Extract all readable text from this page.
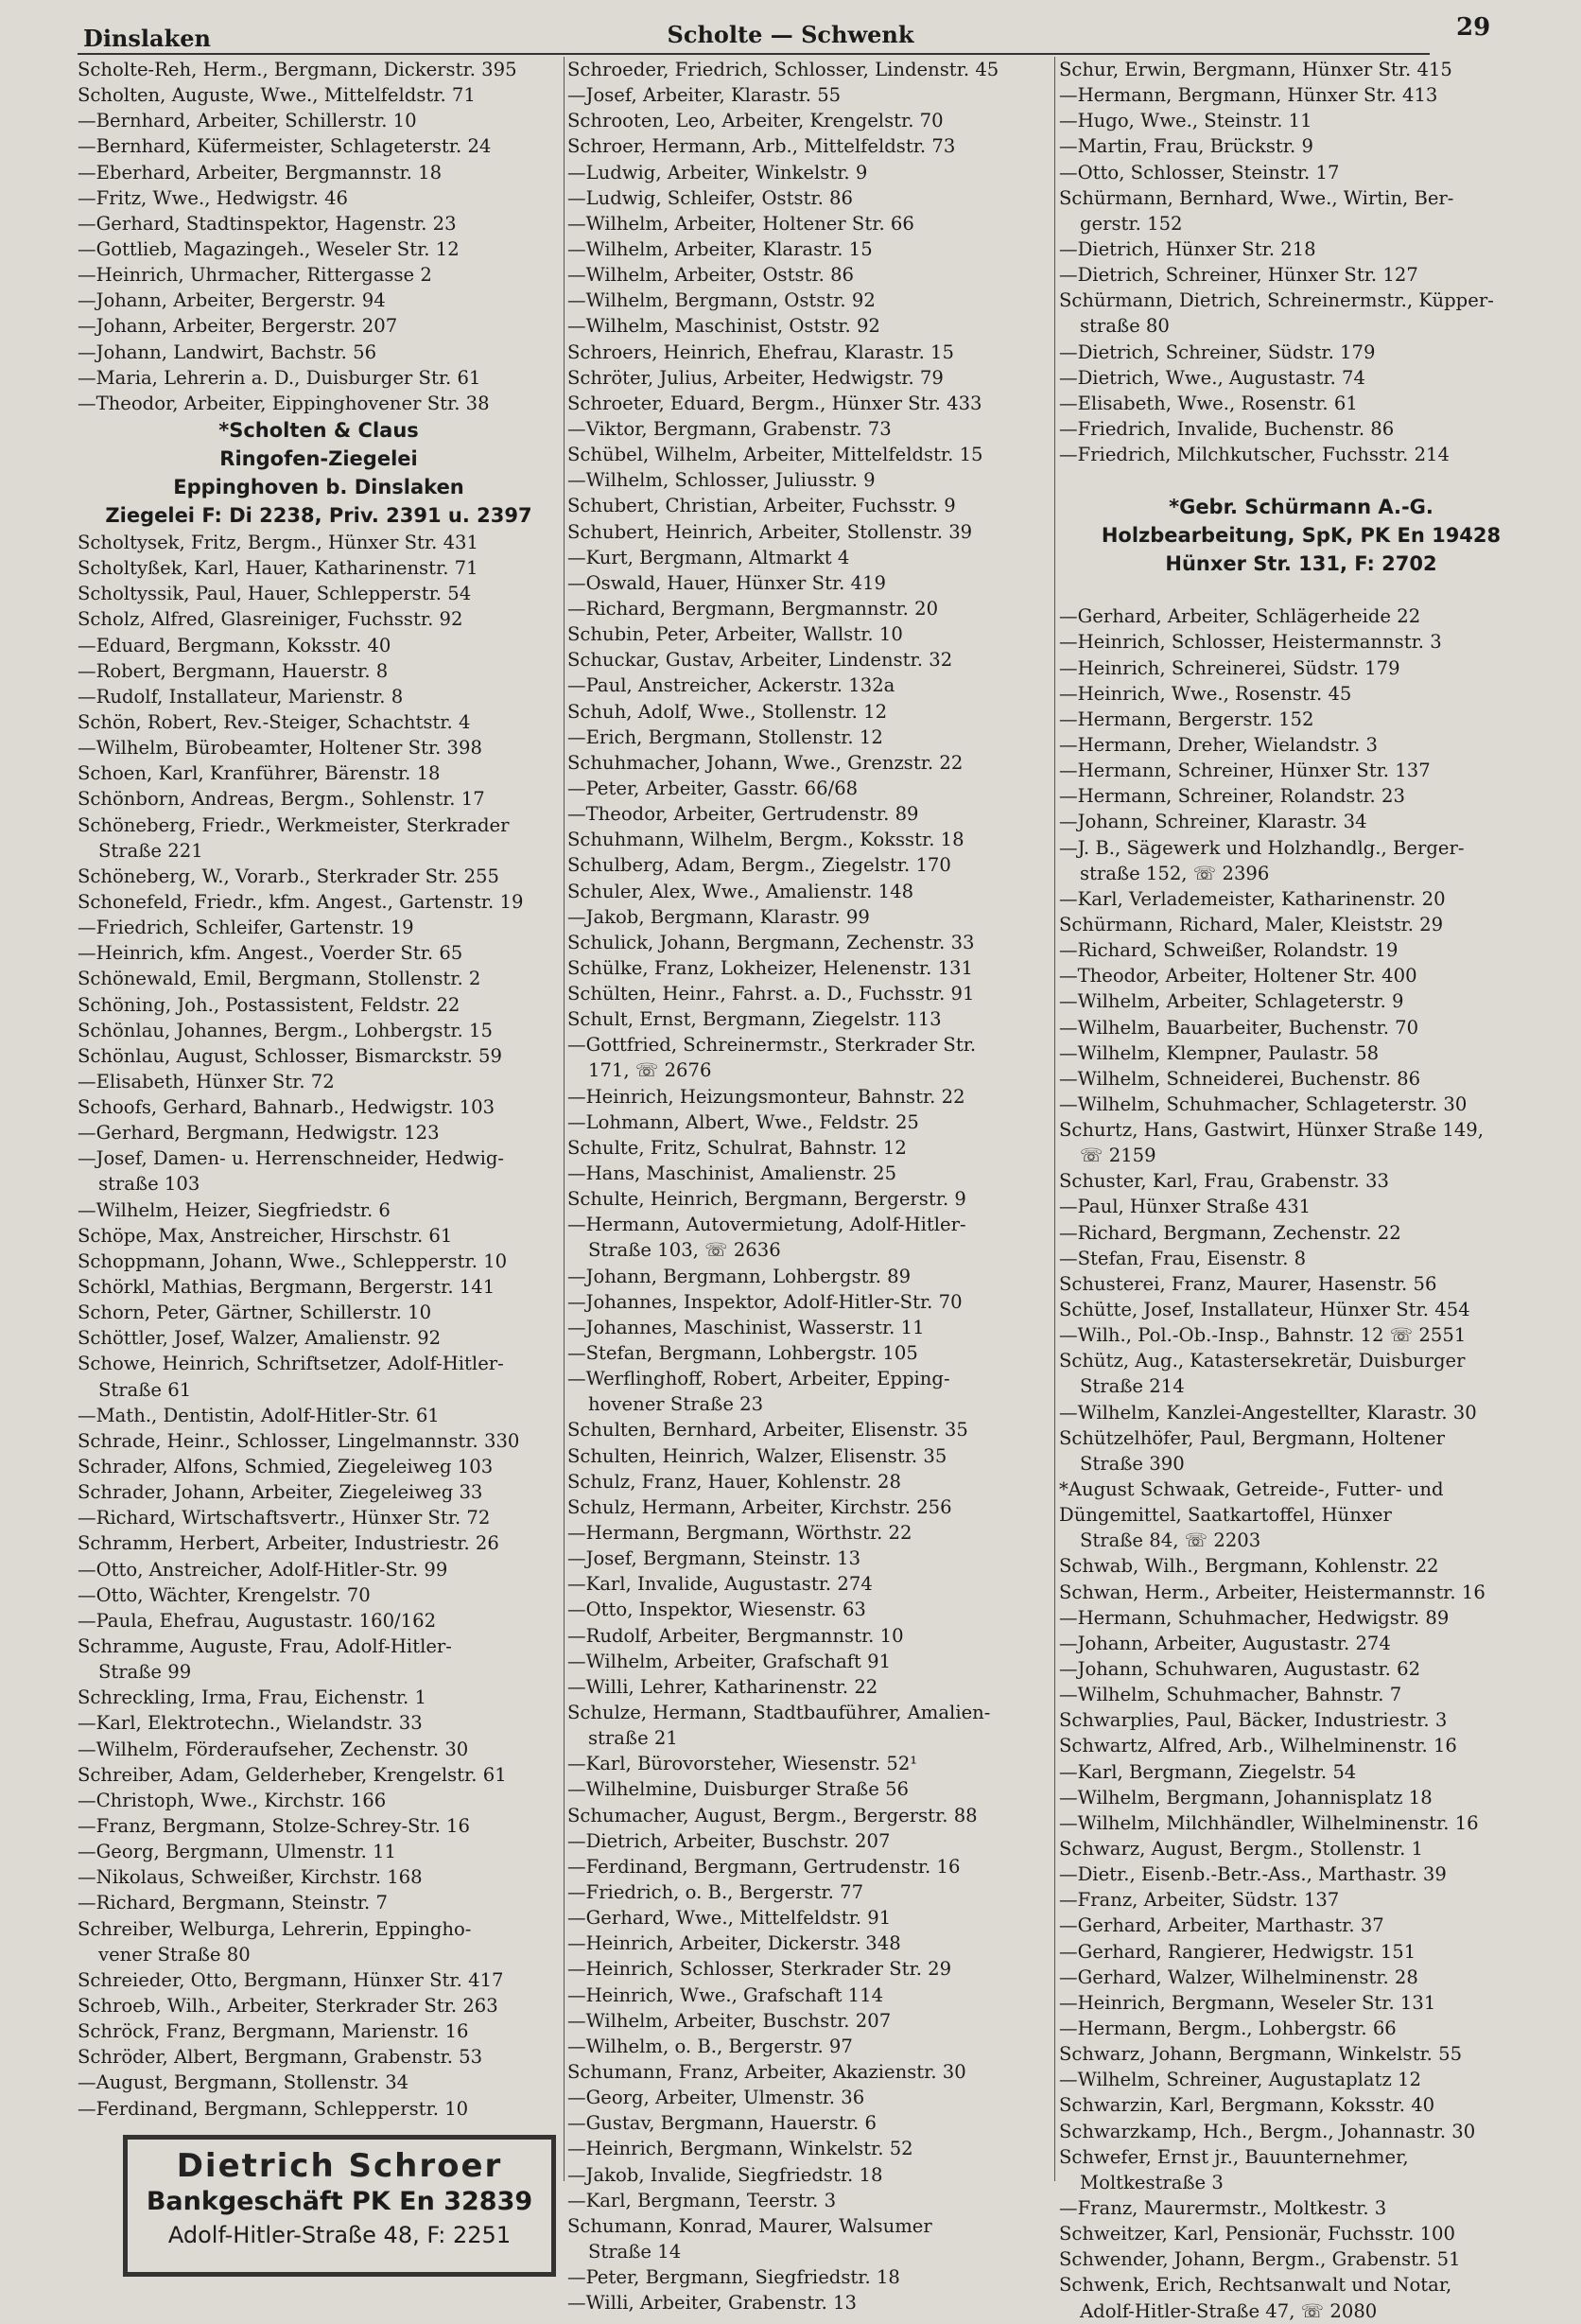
Dinslaken	Scholte — Schwenk	29
Scholte-Reh, Herm., Bergmann, Dickerstr. 395
Scholten, Auguste, Wwe., Mittelfeldstr. 71
—Bernhard, Arbeiter, Schillerstr. 10
—Bernhard, Küfermeister, Schlageterstr. 24
—Eberhard, Arbeiter, Bergmannstr. 18
—Fritz, Wwe., Hedwigstr. 46
—Gerhard, Stadtinspektor, Hagenstr. 23
—Gottlieb, Magazingeh., Weseler Str. 12
—Heinrich, Uhrmacher, Rittergasse 2
—Johann, Arbeiter, Bergerstr. 94
—Johann, Arbeiter, Bergerstr. 207
—Johann, Landwirt, Bachstr. 56
—Maria, Lehrerin a. D., Duisburger Str. 61
—Theodor, Arbeiter, Eippinghovener Str. 38
*Scholten & Claus
Ringofen-Ziegelei
Eppinghoven b. Dinslaken
Ziegelei F: Di 2238, Priv. 2391 u. 2397
Scholtysek, Fritz, Bergm., Hünxer Str. 431
Scholtyßek, Karl, Hauer, Katharinenstr. 71
Scholtyssik, Paul, Hauer, Schlepperstr. 54
Scholz, Alfred, Glasreiniger, Fuchsstr. 92
—Eduard, Bergmann, Koksstr. 40
—Robert, Bergmann, Hauerstr. 8
—Rudolf, Installateur, Marienstr. 8
Schön, Robert, Rev.-Steiger, Schachtstr. 4
—Wilhelm, Bürobeamter, Holtener Str. 398
Schoen, Karl, Kranführer, Bärenstr. 18
Schönborn, Andreas, Bergm., Sohlenstr. 17
Schöneberg, Friedr., Werkmeister, Sterkrader
Straße 221
Schöneberg, W., Vorarb., Sterkrader Str. 255
Schonefeld, Friedr., kfm. Angest., Gartenstr. 19
—Friedrich, Schleifer, Gartenstr. 19
—Heinrich, kfm. Angest., Voerder Str. 65
Schönewald, Emil, Bergmann, Stollenstr. 2
Schöning, Joh., Postassistent, Feldstr. 22
Schönlau, Johannes, Bergm., Lohbergstr. 15
Schönlau, August, Schlosser, Bismarckstr. 59
—Elisabeth, Hünxer Str. 72
Schoofs, Gerhard, Bahnarb., Hedwigstr. 103
—Gerhard, Bergmann, Hedwigstr. 123
—Josef, Damen- u. Herrenschneider, Hedwig-
straße 103
—Wilhelm, Heizer, Siegfriedstr. 6
Schöpe, Max, Anstreicher, Hirschstr. 61
Schoppmann, Johann, Wwe., Schlepperstr. 10
Schörkl, Mathias, Bergmann, Bergerstr. 141
Schorn, Peter, Gärtner, Schillerstr. 10
Schöttler, Josef, Walzer, Amalienstr. 92
Schowe, Heinrich, Schriftsetzer, Adolf-Hitler-
Straße 61
—Math., Dentistin, Adolf-Hitler-Str. 61
Schrade, Heinr., Schlosser, Lingelmannstr. 330
Schrader, Alfons, Schmied, Ziegeleiweg 103
Schrader, Johann, Arbeiter, Ziegeleiweg 33
—Richard, Wirtschaftsvertr., Hünxer Str. 72
Schramm, Herbert, Arbeiter, Industriestr. 26
—Otto, Anstreicher, Adolf-Hitler-Str. 99
—Otto, Wächter, Krengelstr. 70
—Paula, Ehefrau, Augustastr. 160/162
Schramme, Auguste, Frau, Adolf-Hitler-
Straße 99
Schreckling, Irma, Frau, Eichenstr. 1
—Karl, Elektrotechn., Wielandstr. 33
—Wilhelm, Förderaufseher, Zechenstr. 30
Schreiber, Adam, Gelderheber, Krengelstr. 61
—Christoph, Wwe., Kirchstr. 166
—Franz, Bergmann, Stolze-Schrey-Str. 16
—Georg, Bergmann, Ulmenstr. 11
—Nikolaus, Schweißer, Kirchstr. 168
—Richard, Bergmann, Steinstr. 7
Schreiber, Welburga, Lehrerin, Eppingho-
vener Straße 80
Schreieder, Otto, Bergmann, Hünxer Str. 417
Schroeb, Wilh., Arbeiter, Sterkrader Str. 263
Schröck, Franz, Bergmann, Marienstr. 16
Schröder, Albert, Bergmann, Grabenstr. 53
—August, Bergmann, Stollenstr. 34
—Ferdinand, Bergmann, Schlepperstr. 10
Dietrich Schroer
Bankgeschäft PK En 32839
Adolf-Hitler-Straße 48, F: 2251
Schroeder, Friedrich, Schlosser, Lindenstr. 45
—Josef, Arbeiter, Klarastr. 55
Schrooten, Leo, Arbeiter, Krengelstr. 70
Schroer, Hermann, Arb., Mittelfeldstr. 73
—Ludwig, Arbeiter, Winkelstr. 9
—Ludwig, Schleifer, Oststr. 86
—Wilhelm, Arbeiter, Holtener Str. 66
—Wilhelm, Arbeiter, Klarastr. 15
—Wilhelm, Arbeiter, Oststr. 86
—Wilhelm, Bergmann, Oststr. 92
—Wilhelm, Maschinist, Oststr. 92
Schroers, Heinrich, Ehefrau, Klarastr. 15
Schröter, Julius, Arbeiter, Hedwigstr. 79
Schroeter, Eduard, Bergm., Hünxer Str. 433
—Viktor, Bergmann, Grabenstr. 73
Schübel, Wilhelm, Arbeiter, Mittelfeldstr. 15
—Wilhelm, Schlosser, Juliusstr. 9
Schubert, Christian, Arbeiter, Fuchsstr. 9
Schubert, Heinrich, Arbeiter, Stollenstr. 39
—Kurt, Bergmann, Altmarkt 4
—Oswald, Hauer, Hünxer Str. 419
—Richard, Bergmann, Bergmannstr. 20
Schubin, Peter, Arbeiter, Wallstr. 10
Schuckar, Gustav, Arbeiter, Lindenstr. 32
—Paul, Anstreicher, Ackerstr. 132a
Schuh, Adolf, Wwe., Stollenstr. 12
—Erich, Bergmann, Stollenstr. 12
Schuhmacher, Johann, Wwe., Grenzstr. 22
—Peter, Arbeiter, Gasstr. 66/68
—Theodor, Arbeiter, Gertrudenstr. 89
Schuhmann, Wilhelm, Bergm., Koksstr. 18
Schulberg, Adam, Bergm., Ziegelstr. 170
Schuler, Alex, Wwe., Amalienstr. 148
—Jakob, Bergmann, Klarastr. 99
Schulick, Johann, Bergmann, Zechenstr. 33
Schülke, Franz, Lokheizer, Helenenstr. 131
Schülten, Heinr., Fahrst. a. D., Fuchsstr. 91
Schult, Ernst, Bergmann, Ziegelstr. 113
—Gottfried, Schreinermstr., Sterkrader Str.
171, ☏ 2676
—Heinrich, Heizungsmonteur, Bahnstr. 22
—Lohmann, Albert, Wwe., Feldstr. 25
Schulte, Fritz, Schulrat, Bahnstr. 12
—Hans, Maschinist, Amalienstr. 25
Schulte, Heinrich, Bergmann, Bergerstr. 9
—Hermann, Autovermietung, Adolf-Hitler-
Straße 103, ☏ 2636
—Johann, Bergmann, Lohbergstr. 89
—Johannes, Inspektor, Adolf-Hitler-Str. 70
—Johannes, Maschinist, Wasserstr. 11
—Stefan, Bergmann, Lohbergstr. 105
—Werflinghoff, Robert, Arbeiter, Epping-
hovener Straße 23
Schulten, Bernhard, Arbeiter, Elisenstr. 35
Schulten, Heinrich, Walzer, Elisenstr. 35
Schulz, Franz, Hauer, Kohlenstr. 28
Schulz, Hermann, Arbeiter, Kirchstr. 256
—Hermann, Bergmann, Wörthstr. 22
—Josef, Bergmann, Steinstr. 13
—Karl, Invalide, Augustastr. 274
—Otto, Inspektor, Wiesenstr. 63
—Rudolf, Arbeiter, Bergmannstr. 10
—Wilhelm, Arbeiter, Grafschaft 91
—Willi, Lehrer, Katharinenstr. 22
Schulze, Hermann, Stadtbauführer, Amalien-
straße 21
—Karl, Bürovorsteher, Wiesenstr. 52¹
—Wilhelmine, Duisburger Straße 56
Schumacher, August, Bergm., Bergerstr. 88
—Dietrich, Arbeiter, Buschstr. 207
—Ferdinand, Bergmann, Gertrudenstr. 16
—Friedrich, o. B., Bergerstr. 77
—Gerhard, Wwe., Mittelfeldstr. 91
—Heinrich, Arbeiter, Dickerstr. 348
—Heinrich, Schlosser, Sterkrader Str. 29
—Heinrich, Wwe., Grafschaft 114
—Wilhelm, Arbeiter, Buschstr. 207
—Wilhelm, o. B., Bergerstr. 97
Schumann, Franz, Arbeiter, Akazienstr. 30
—Georg, Arbeiter, Ulmenstr. 36
—Gustav, Bergmann, Hauerstr. 6
—Heinrich, Bergmann, Winkelstr. 52
—Jakob, Invalide, Siegfriedstr. 18
—Karl, Bergmann, Teerstr. 3
Schumann, Konrad, Maurer, Walsumer
Straße 14
—Peter, Bergmann, Siegfriedstr. 18
—Willi, Arbeiter, Grabenstr. 13
Schur, Erwin, Bergmann, Hünxer Str. 415
—Hermann, Bergmann, Hünxer Str. 413
—Hugo, Wwe., Steinstr. 11
—Martin, Frau, Brückstr. 9
—Otto, Schlosser, Steinstr. 17
Schürmann, Bernhard, Wwe., Wirtin, Ber-
gerstr. 152
—Dietrich, Hünxer Str. 218
—Dietrich, Schreiner, Hünxer Str. 127
Schürmann, Dietrich, Schreinermstr., Küpper-
straße 80
—Dietrich, Schreiner, Südstr. 179
—Dietrich, Wwe., Augustastr. 74
—Elisabeth, Wwe., Rosenstr. 61
—Friedrich, Invalide, Buchenstr. 86
—Friedrich, Milchkutscher, Fuchsstr. 214
*Gebr. Schürmann A.-G.
Holzbearbeitung, SpK, PK En 19428
Hünxer Str. 131, F: 2702
—Gerhard, Arbeiter, Schlägerheide 22
—Heinrich, Schlosser, Heistermannstr. 3
—Heinrich, Schreinerei, Südstr. 179
—Heinrich, Wwe., Rosenstr. 45
—Hermann, Bergerstr. 152
—Hermann, Dreher, Wielandstr. 3
—Hermann, Schreiner, Hünxer Str. 137
—Hermann, Schreiner, Rolandstr. 23
—Johann, Schreiner, Klarastr. 34
—J. B., Sägewerk und Holzhandlg., Berger-
straße 152, ☏ 2396
—Karl, Verlademeister, Katharinenstr. 20
Schürmann, Richard, Maler, Kleiststr. 29
—Richard, Schweißer, Rolandstr. 19
—Theodor, Arbeiter, Holtener Str. 400
—Wilhelm, Arbeiter, Schlageterstr. 9
—Wilhelm, Bauarbeiter, Buchenstr. 70
—Wilhelm, Klempner, Paulastr. 58
—Wilhelm, Schneiderei, Buchenstr. 86
—Wilhelm, Schuhmacher, Schlageterstr. 30
Schurtz, Hans, Gastwirt, Hünxer Straße 149,
☏ 2159
Schuster, Karl, Frau, Grabenstr. 33
—Paul, Hünxer Straße 431
—Richard, Bergmann, Zechenstr. 22
—Stefan, Frau, Eisenstr. 8
Schusterei, Franz, Maurer, Hasenstr. 56
Schütte, Josef, Installateur, Hünxer Str. 454
—Wilh., Pol.-Ob.-Insp., Bahnstr. 12 ☏ 2551
Schütz, Aug., Katastersekretär, Duisburger
Straße 214
—Wilhelm, Kanzlei-Angestellter, Klarastr. 30
Schützelhöfer, Paul, Bergmann, Holtener
Straße 390
*August Schwaak, Getreide-, Futter- und
Düngemittel, Saatkartoffel, Hünxer
Straße 84, ☏ 2203
Schwab, Wilh., Bergmann, Kohlenstr. 22
Schwan, Herm., Arbeiter, Heistermannstr. 16
—Hermann, Schuhmacher, Hedwigstr. 89
—Johann, Arbeiter, Augustastr. 274
—Johann, Schuhwaren, Augustastr. 62
—Wilhelm, Schuhmacher, Bahnstr. 7
Schwarplies, Paul, Bäcker, Industriestr. 3
Schwartz, Alfred, Arb., Wilhelminenstr. 16
—Karl, Bergmann, Ziegelstr. 54
—Wilhelm, Bergmann, Johannisplatz 18
—Wilhelm, Milchhändler, Wilhelminenstr. 16
Schwarz, August, Bergm., Stollenstr. 1
—Dietr., Eisenb.-Betr.-Ass., Marthastr. 39
—Franz, Arbeiter, Südstr. 137
—Gerhard, Arbeiter, Marthastr. 37
—Gerhard, Rangierer, Hedwigstr. 151
—Gerhard, Walzer, Wilhelminenstr. 28
—Heinrich, Bergmann, Weseler Str. 131
—Hermann, Bergm., Lohbergstr. 66
Schwarz, Johann, Bergmann, Winkelstr. 55
—Wilhelm, Schreiner, Augustaplatz 12
Schwarzin, Karl, Bergmann, Koksstr. 40
Schwarzkamp, Hch., Bergm., Johannastr. 30
Schwefer, Ernst jr., Bauunternehmer,
Moltkestraße 3
—Franz, Maurermstr., Moltkestr. 3
Schweitzer, Karl, Pensionär, Fuchsstr. 100
Schwender, Johann, Bergm., Grabenstr. 51
Schwenk, Erich, Rechtsanwalt und Notar,
Adolf-Hitler-Straße 47, ☏ 2080
